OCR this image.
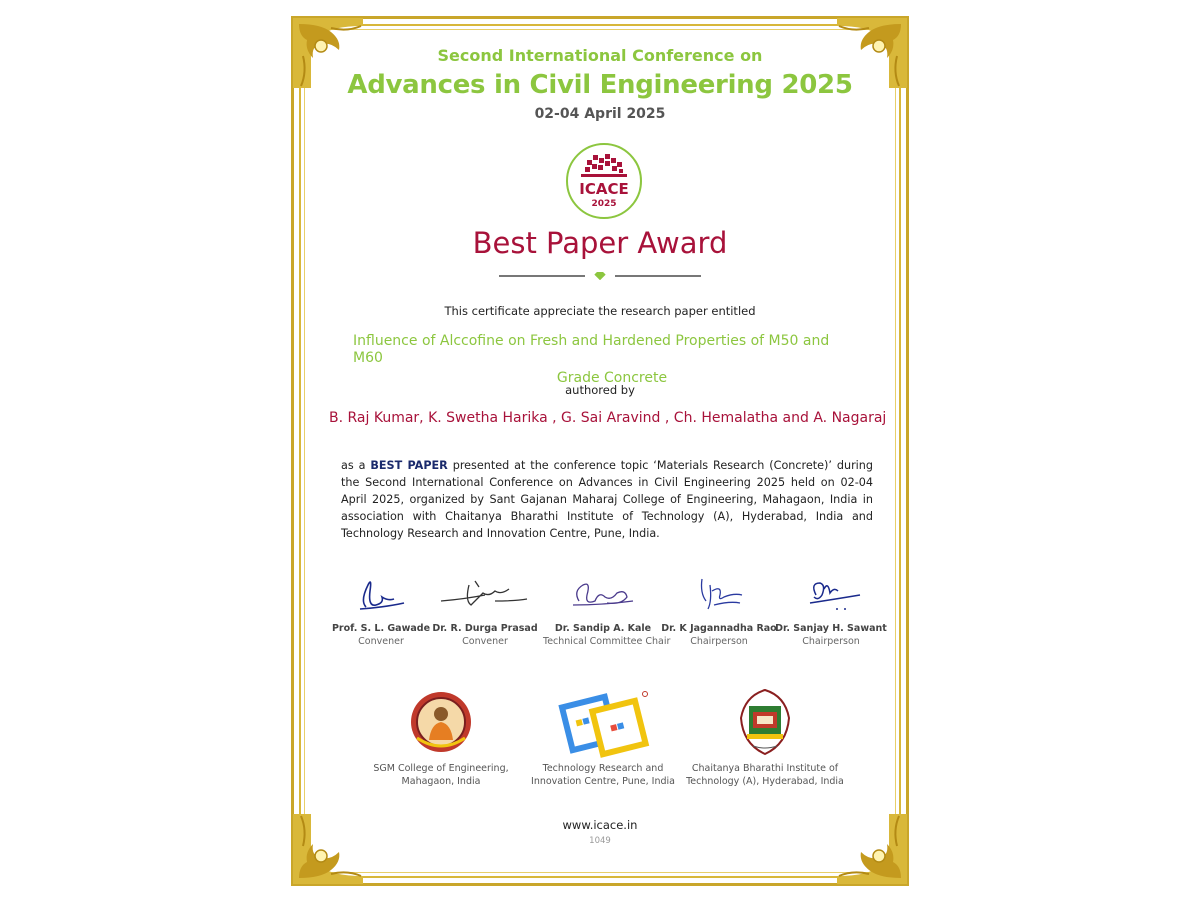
Second International Conference on
Advances in Civil Engineering 2025
02-04 April 2025
ICACE
2025
Best Paper Award
This certificate appreciate the research paper entitled
Influence of Alccofine on Fresh and Hardened Properties of M50 and M60
Grade Concrete
authored by
B. Raj Kumar, K. Swetha Harika , G. Sai Aravind , Ch. Hemalatha and A. Nagaraj
as a BEST PAPER presented at the conference topic ‘Materials Research (Concrete)’ during the Second International Conference on Advances in Civil Engineering 2025 held on 02-04 April 2025, organized by Sant Gajanan Maharaj College of Engineering, Mahagaon, India in association with Chaitanya Bharathi Institute of Technology (A), Hyderabad, India and Technology Research and Innovation Centre, Pune, India.
Prof. S. L. Gawade
Convener
Dr. R. Durga Prasad
Convener
Dr. Sandip A. Kale
Technical Committee Chair
Dr. K Jagannadha Rao
Chairperson
Dr. Sanjay H. Sawant
Chairperson
SGM College of Engineering,
Mahagaon, India
Technology Research and
Innovation Centre, Pune, India
Chaitanya Bharathi Institute of
Technology (A), Hyderabad, India
www.icace.in
1049
